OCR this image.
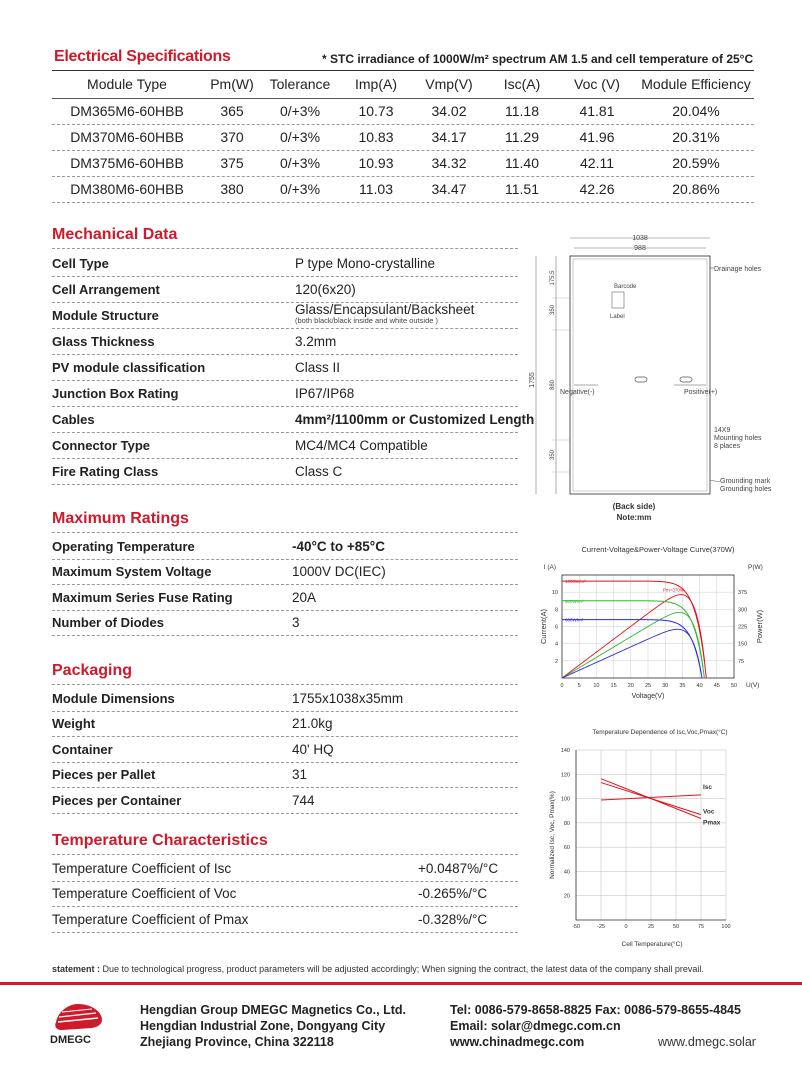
Electrical Specifications	* STC irradiance of 1000W/m² spectrum AM 1.5 and cell temperature of 25°C
Module Type	Pm(W)	Tolerance	Imp(A)	Vmp(V)	Isc(A)	Voc (V)	Module Efficiency
DM365M6-60HBB	365	0/+3%	10.73	34.02	11.18	41.81	20.04%
DM370M6-60HBB	370	0/+3%	10.83	34.17	11.29	41.96	20.31%
DM375M6-60HBB	375	0/+3%	10.93	34.32	11.40	42.11	20.59%
DM380M6-60HBB	380	0/+3%	11.03	34.47	11.51	42.26	20.86%
Mechanical Data
Cell Type	P type Mono-crystalline
Cell Arrangement	120(6x20)
Module Structure	Glass/Encapsulant/Backsheet
(both black/black inside and white outside )
Glass Thickness	3.2mm
PV module classification	Class II
Junction Box Rating	IP67/IP68
Cables	4mm²/1100mm or Customized Length
Connector Type	MC4/MC4 Compatible
Fire Rating Class	Class C
Maximum Ratings
Operating Temperature	-40°C to +85°C
Maximum System Voltage	1000V DC(IEC)
Maximum Series Fuse Rating	20A
Number of Diodes	3
Packaging
Module Dimensions	1755x1038x35mm
Weight	21.0kg
Container	40' HQ
Pieces per Pallet	31
Pieces per Container	744
Temperature Characteristics
Temperature Coefficient of Isc	+0.0487%/°C
Temperature Coefficient of Voc	-0.265%/°C
Temperature Coefficient of Pmax	-0.328%/°C
1038
988
1755
175.5
350
880
350
Barcode
Label
Negative(-)	Positive(+)
Drainage holes
14X9
Mounting holes
8 places
Grounding mark
Grounding holes
(Back side)
Note:mm
Current-Voltage&Power-Voltage Curve(370W)
0	5 10 15 20 25 30 35 40 45 50
2
4
6
8
10
75
150
225
300
375
Voltage(V)
I (A)	P(W)
U(V)
Current(A)	Power(W)
1000W/m²
800W/m²
600W/m²
Pm=370W
Temperature Dependence of Isc,Voc,Pmax(°C)
-50	-25	0	25	50	75	100
20
40
60
80
100
120
140
Cell Temperature(°C)
Normalized Isc, Voc, Pmax(%)
Isc
Voc
Pmax
statement : Due to technological progress, product parameters will be adjusted accordingly; When signing the contract, the latest data of the company shall prevail.
DMEGC
Hengdian Group DMEGC Magnetics Co., Ltd.
Hengdian Industrial Zone, Dongyang City
Zhejiang Province, China 322118
Tel: 0086-579-8658-8825 Fax: 0086-579-8655-4845
Email: solar@dmegc.com.cn
www.chinadmegc.com	www.dmegc.solar
